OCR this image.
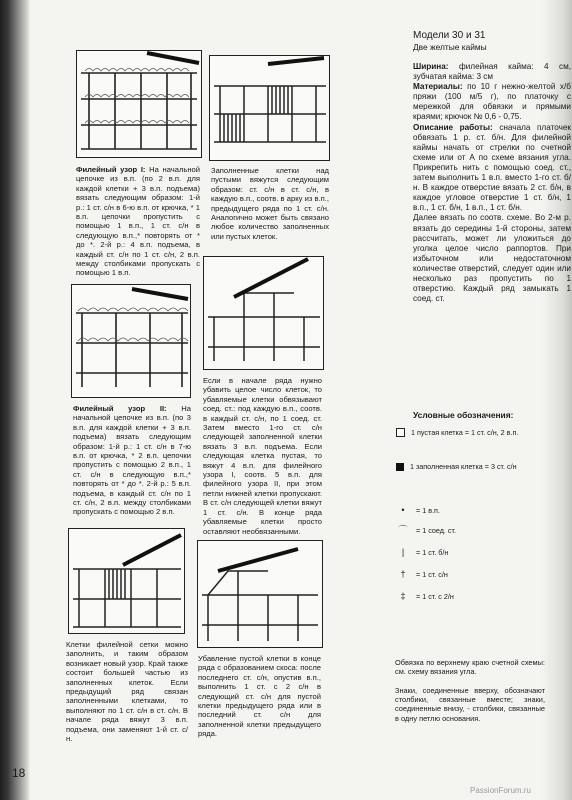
Заполненные клетки над пустыми вяжутся следующим образом: ст. с/н в ст. с/н, в каждую в.п., соотв. в арку из в.п., предыдущего ряда по 1 ст. с/н. Аналогично может быть связано любое количество заполненных или пустых клеток.
Филейный узор I: На начальной цепочке из в.п. (по 2 в.п. для каждой клетки + 3 в.п. подъема) вязать следующим образом: 1-й р.: 1 ст. с/н в 6-ю в.п. от крючка, * 1 в.п. цепочки пропустить с помощью 1 в.п., 1 ст. с/н в следующую в.п.,* повторять от * до *. 2-й р.: 4 в.п. подъема, в каждый ст. с/н по 1 ст. с/н, 2 в.п. между столбиками пропускать с помощью 1 в.п.
Если в начале ряда нужно убавить целое число клеток, то убавляемые клетки обвязывают соед. ст.: под каждую в.п., соотв. в каждый ст. с/н, по 1 соед. ст. Затем вместо 1-го ст. с/н следующей заполненной клетки вязать 3 в.п. подъема. Если следующая клетка пустая, то вяжут 4 в.п. для филейного узора I, соотв. 5 в.п. для филейного узора II, при этом петли нижней клетки пропускают. В ст. с/н следующей клетки вяжут 1 ст. с/н. В конце ряда убавляемые клетки просто оставляют необвязанными.
Филейный узор II: На начальной цепочке из в.п. (по 3 в.п. для каждой клетки + 3 в.п. подъема) вязать следующим образом: 1-й р.: 1 ст. с/н в 7-ю в.п. от крючка, * 2 в.п. цепочки пропустить с помощью 2 в.п., 1 ст. с/н в следующую в.п.,* повторять от * до *. 2-й р.: 5 в.п. подъема, в каждый ст. с/н по 1 ст. с/н, 2 в.п. между столбиками пропускать с помощью 2 в.п.
Клетки филейной сетки можно заполнить, и таким образом возникает новый узор. Край также состоит большей частью из заполненных клеток. Если предыдущий ряд связан заполненными клетками, то выполняют по 1 ст. с/н в ст. с/н. В начале ряда вяжут 3 в.п. подъема, они заменяют 1-й ст. с/н.
Убавление пустой клетки в конце ряда с образованием скоса: после последнего ст. с/н, опустив в.п., выполнить 1 ст. с 2 с/н в следующий ст. с/н для пустой клетки предыдущего ряда или в последний ст. с/н для заполненной клетки предыдущего ряда.
Модели 30 и 31
Две желтые каймы

Ширина: филейная кайма: 4 см, зубчатая кайма: 3 см

Материалы: по 10 г нежно-желтой х/б пряжи (100 м/5 г), по платочку с мережкой для обвязки и прямыми краями; крючок № 0,6 - 0,75.

Описание работы: сначала платочек обвязать 1 р. ст. б/н. Для филейной каймы начать от стрелки по счетной схеме или от А по схеме вязания угла. Прикрепить нить с помощью соед. ст., затем выполнить 1 в.п. вместо 1-го ст. б/н. В каждое отверстие вязать 2 ст. б/н, в каждое угловое отверстие 1 ст. б/н, 1 в.п., 1 ст. б/н, 1 в.п., 1 ст. б/н.

Далее вязать по соотв. схеме. Во 2-м р. вязать до середины 1-й стороны, затем рассчитать, может ли уложиться до уголка целое число раппортов. При избыточном или недостаточном количестве отверстий, следует один или несколько раз пропустить по 1 отверстию. Каждый ряд замыкать 1 соед. ст.

Условные обозначения:
1 пустая клетка = 1 ст. с/н, 2 в.п.
1 заполненная клетка = 3 ст. с/н
•	= 1 в.п.
⌒	= 1 соед. ст.
|	= 1 ст. б/н
†	= 1 ст. с/н
‡	= 1 ст. с 2/н
Обвязка по верхнему краю счетной схемы: см. схему вязания угла.
Знаки, соединенные вверху, обозначают столбики, связанные вместе; знаки, соединенные внизу, - столбики, связанные в одну петлю основания.
18
PassionForum.ru
